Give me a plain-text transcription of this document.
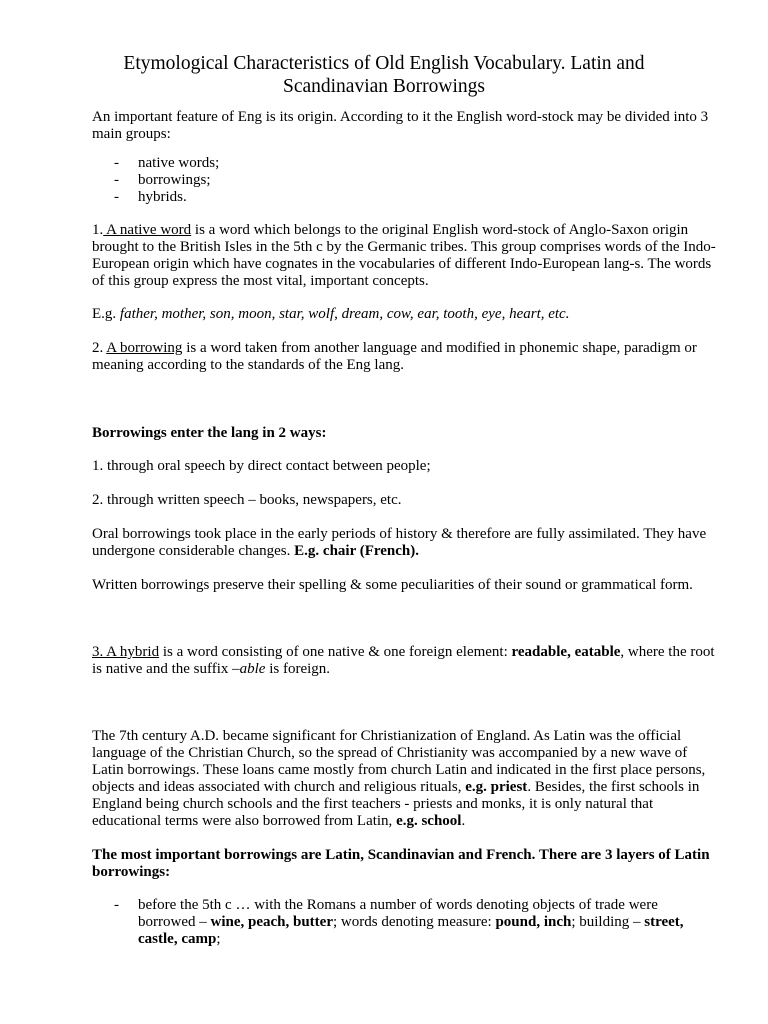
Etymological Characteristics of Old English Vocabulary. Latin and
Scandinavian Borrowings

An important feature of Eng is its origin. According to it the English word-stock may be divided into 3 main groups:

- native words;
- borrowings;
- hybrids.

1. A native word is a word which belongs to the original English word-stock of Anglo-Saxon origin brought to the British Isles in the 5th c by the Germanic tribes. This group comprises words of the Indo-European origin which have cognates in the vocabularies of different Indo-European lang-s. The words of this group express the most vital, important concepts.

E.g. father, mother, son, moon, star, wolf, dream, cow, ear, tooth, eye, heart, etc.

2. A borrowing is a word taken from another language and modified in phonemic shape, paradigm or meaning according to the standards of the Eng lang.

Borrowings enter the lang in 2 ways:

1. through oral speech by direct contact between people;

2. through written speech – books, newspapers, etc.

Oral borrowings took place in the early periods of history & therefore are fully assimilated. They have undergone considerable changes. E.g. chair (French).

Written borrowings preserve their spelling & some peculiarities of their sound or grammatical form.

3. A hybrid is a word consisting of one native & one foreign element: readable, eatable, where the root is native and the suffix –able is foreign.

The 7th century A.D. became significant for Christianization of England. As Latin was the official language of the Christian Church, so the spread of Christianity was accompanied by a new wave of Latin borrowings. These loans came mostly from church Latin and indicated in the first place persons, objects and ideas associated with church and religious rituals, e.g. priest. Besides, the first schools in England being church schools and the first teachers - priests and monks, it is only natural that educational terms were also borrowed from Latin, e.g. school.

The most important borrowings are Latin, Scandinavian and French. There are 3 layers of Latin borrowings:

- before the 5th c … with the Romans a number of words denoting objects of trade were borrowed – wine, peach, butter; words denoting measure: pound, inch; building – street, castle, camp;
